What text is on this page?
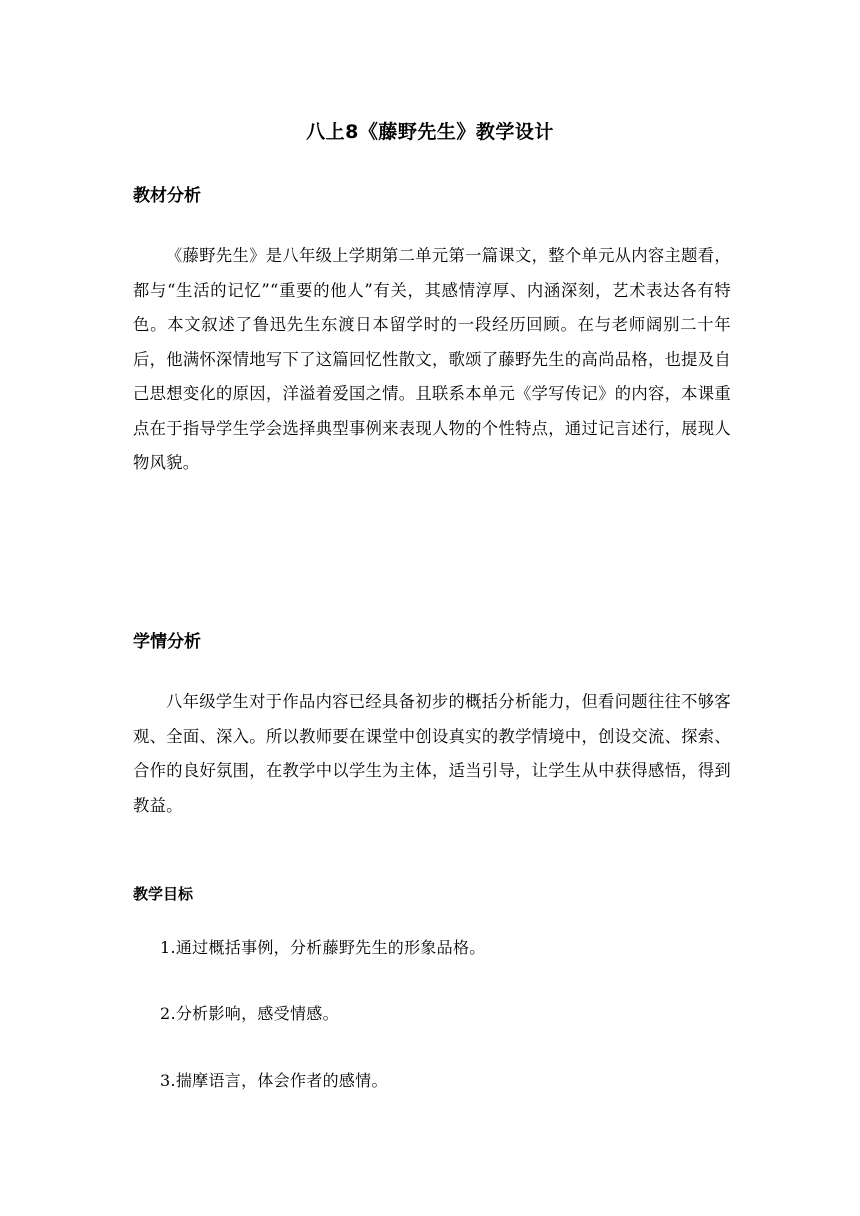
八上8《藤野先生》教学设计
教材分析

《藤野先生》是八年级上学期第二单元第一篇课文，整个单元从内容主题看，都与“生活的记忆”“重要的他人”有关，其感情淳厚、内涵深刻，艺术表达各有特色。本文叙述了鲁迅先生东渡日本留学时的一段经历回顾。在与老师阔别二十年后，他满怀深情地写下了这篇回忆性散文，歌颂了藤野先生的高尚品格，也提及自己思想变化的原因，洋溢着爱国之情。且联系本单元《学写传记》的内容，本课重点在于指导学生学会选择典型事例来表现人物的个性特点，通过记言述行，展现人物风貌。

学情分析

八年级学生对于作品内容已经具备初步的概括分析能力，但看问题往往不够客观、全面、深入。所以教师要在课堂中创设真实的教学情境中，创设交流、探索、合作的良好氛围，在教学中以学生为主体，适当引导，让学生从中获得感悟，得到教益。

教学目标

1.通过概括事例，分析藤野先生的形象品格。

2.分析影响，感受情感。

3.揣摩语言，体会作者的感情。
